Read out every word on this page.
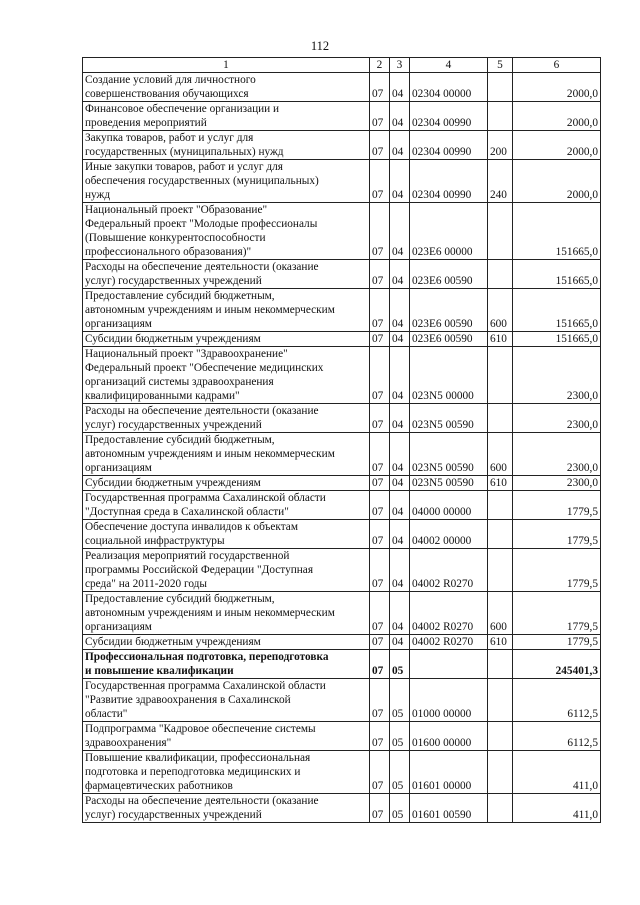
112
1	2	3	4	5	6
Создание условий для личностного
совершенствования обучающихся	07	04	02304 00000		2000,0
Финансовое обеспечение организации и
проведения мероприятий	07	04	02304 00990		2000,0
Закупка товаров, работ и услуг для
государственных (муниципальных) нужд	07	04	02304 00990	200	2000,0
Иные закупки товаров, работ и услуг для
обеспечения государственных (муниципальных)
нужд	07	04	02304 00990	240	2000,0
Национальный проект "Образование"
Федеральный проект "Молодые профессионалы
(Повышение конкурентоспособности
профессионального образования)"	07	04	023E6 00000		151665,0
Расходы на обеспечение деятельности (оказание
услуг) государственных учреждений	07	04	023E6 00590		151665,0
Предоставление субсидий бюджетным,
автономным учреждениям и иным некоммерческим
организациям	07	04	023E6 00590	600	151665,0
Субсидии бюджетным учреждениям	07	04	023E6 00590	610	151665,0
Национальный проект "Здравоохранение"
Федеральный проект "Обеспечение медицинских
организаций системы здравоохранения
квалифицированными кадрами"	07	04	023N5 00000		2300,0
Расходы на обеспечение деятельности (оказание
услуг) государственных учреждений	07	04	023N5 00590		2300,0
Предоставление субсидий бюджетным,
автономным учреждениям и иным некоммерческим
организациям	07	04	023N5 00590	600	2300,0
Субсидии бюджетным учреждениям	07	04	023N5 00590	610	2300,0
Государственная программа Сахалинской области
"Доступная среда в Сахалинской области"	07	04	04000 00000		1779,5
Обеспечение доступа инвалидов к объектам
социальной инфраструктуры	07	04	04002 00000		1779,5
Реализация мероприятий государственной
программы Российской Федерации "Доступная
среда" на 2011-2020 годы	07	04	04002 R0270		1779,5
Предоставление субсидий бюджетным,
автономным учреждениям и иным некоммерческим
организациям	07	04	04002 R0270	600	1779,5
Субсидии бюджетным учреждениям	07	04	04002 R0270	610	1779,5
Профессиональная подготовка, переподготовка
и повышение квалификации	07	05			245401,3
Государственная программа Сахалинской области
"Развитие здравоохранения в Сахалинской
области"	07	05	01000 00000		6112,5
Подпрограмма "Кадровое обеспечение системы
здравоохранения"	07	05	01600 00000		6112,5
Повышение квалификации, профессиональная
подготовка и переподготовка медицинских и
фармацевтических работников	07	05	01601 00000		411,0
Расходы на обеспечение деятельности (оказание
услуг) государственных учреждений	07	05	01601 00590		411,0
